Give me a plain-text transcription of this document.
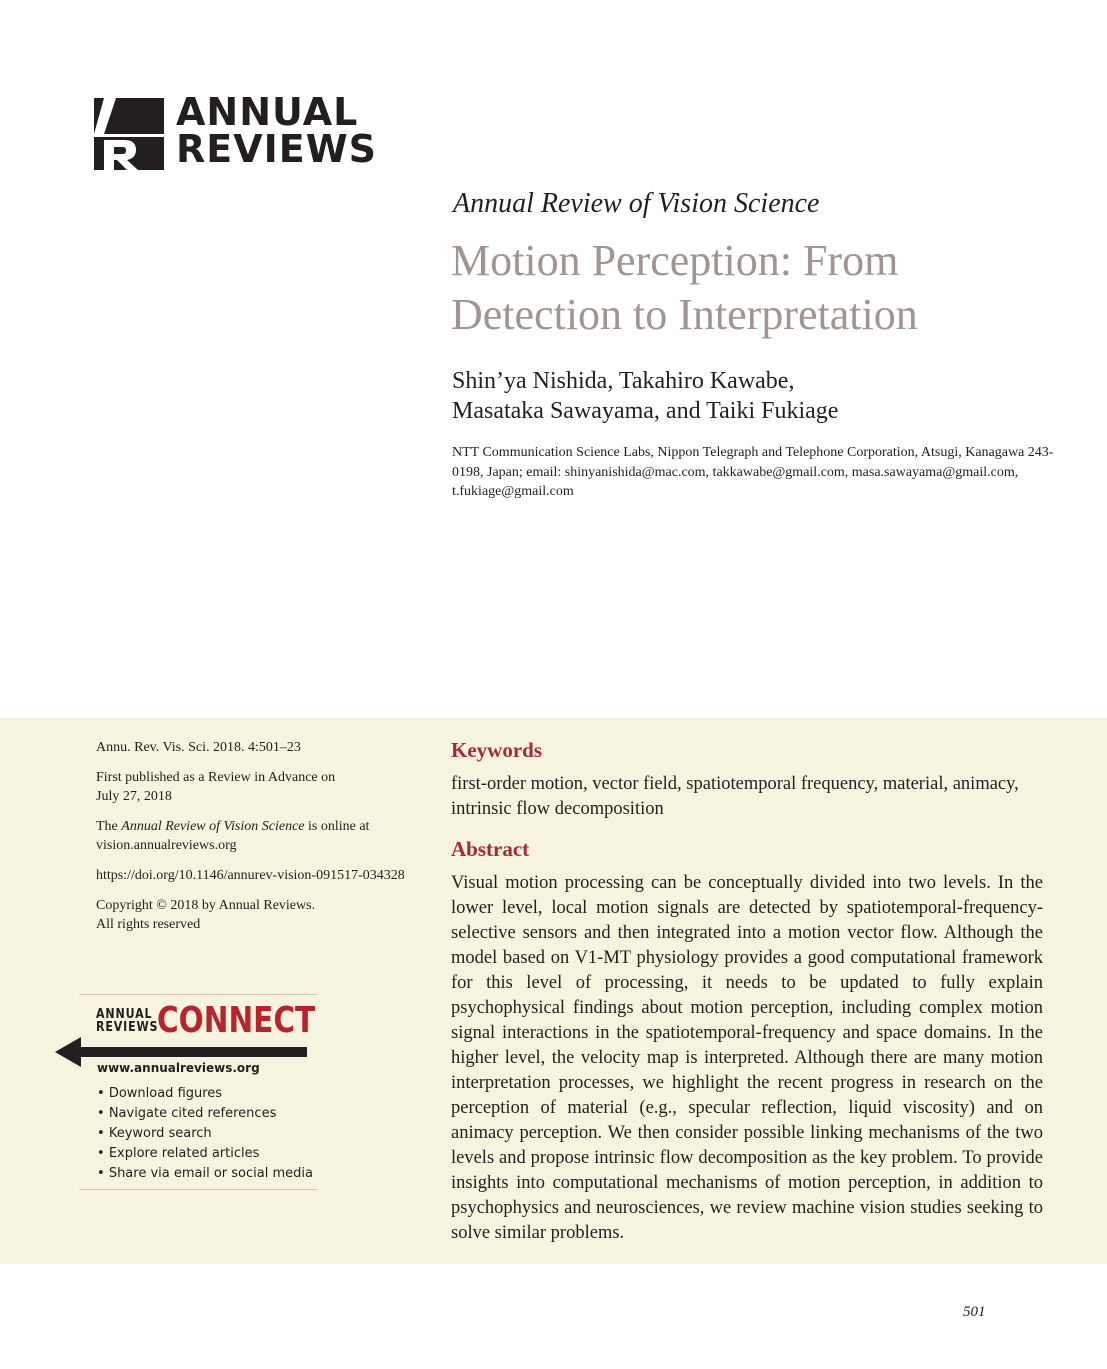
ANNUAL
REVIEWS
Annual Review of Vision Science
Motion Perception: From Detection to Interpretation
Shin’ya Nishida, Takahiro Kawabe,
Masataka Sawayama, and Taiki Fukiage
NTT Communication Science Labs, Nippon Telegraph and Telephone Corporation, Atsugi, Kanagawa 243-0198, Japan; email: shinyanishida@mac.com, takkawabe@gmail.com, masa.sawayama@gmail.com, t.fukiage@gmail.com

Annu. Rev. Vis. Sci. 2018. 4:501–23

First published as a Review in Advance on
July 27, 2018

The Annual Review of Vision Science is online at
vision.annualreviews.org

https://doi.org/10.1146/annurev-vision-091517-034328

Copyright © 2018 by Annual Reviews.
All rights reserved

ANNUAL
REVIEWS
CONNECT
www.annualreviews.org
• Download figures
• Navigate cited references
• Keyword search
• Explore related articles
• Share via email or social media
Keywords
first-order motion, vector field, spatiotemporal frequency, material, animacy, intrinsic flow decomposition
Abstract
Visual motion processing can be conceptually divided into two levels. In the lower level, local motion signals are detected by spatiotemporal-frequency-selective sensors and then integrated into a motion vector flow. Although the model based on V1-MT physiology provides a good computational framework for this level of processing, it needs to be updated to fully explain psychophysical findings about motion perception, including complex motion signal interactions in the spatiotemporal-frequency and space domains. In the higher level, the velocity map is interpreted. Although there are many motion interpretation processes, we highlight the recent progress in research on the perception of material (e.g., specular reflection, liquid viscosity) and on animacy perception. We then consider possible linking mechanisms of the two levels and propose intrinsic flow decomposition as the key problem. To provide insights into computational mechanisms of motion perception, in addition to psychophysics and neurosciences, we review machine vision studies seeking to solve similar problems.
501
